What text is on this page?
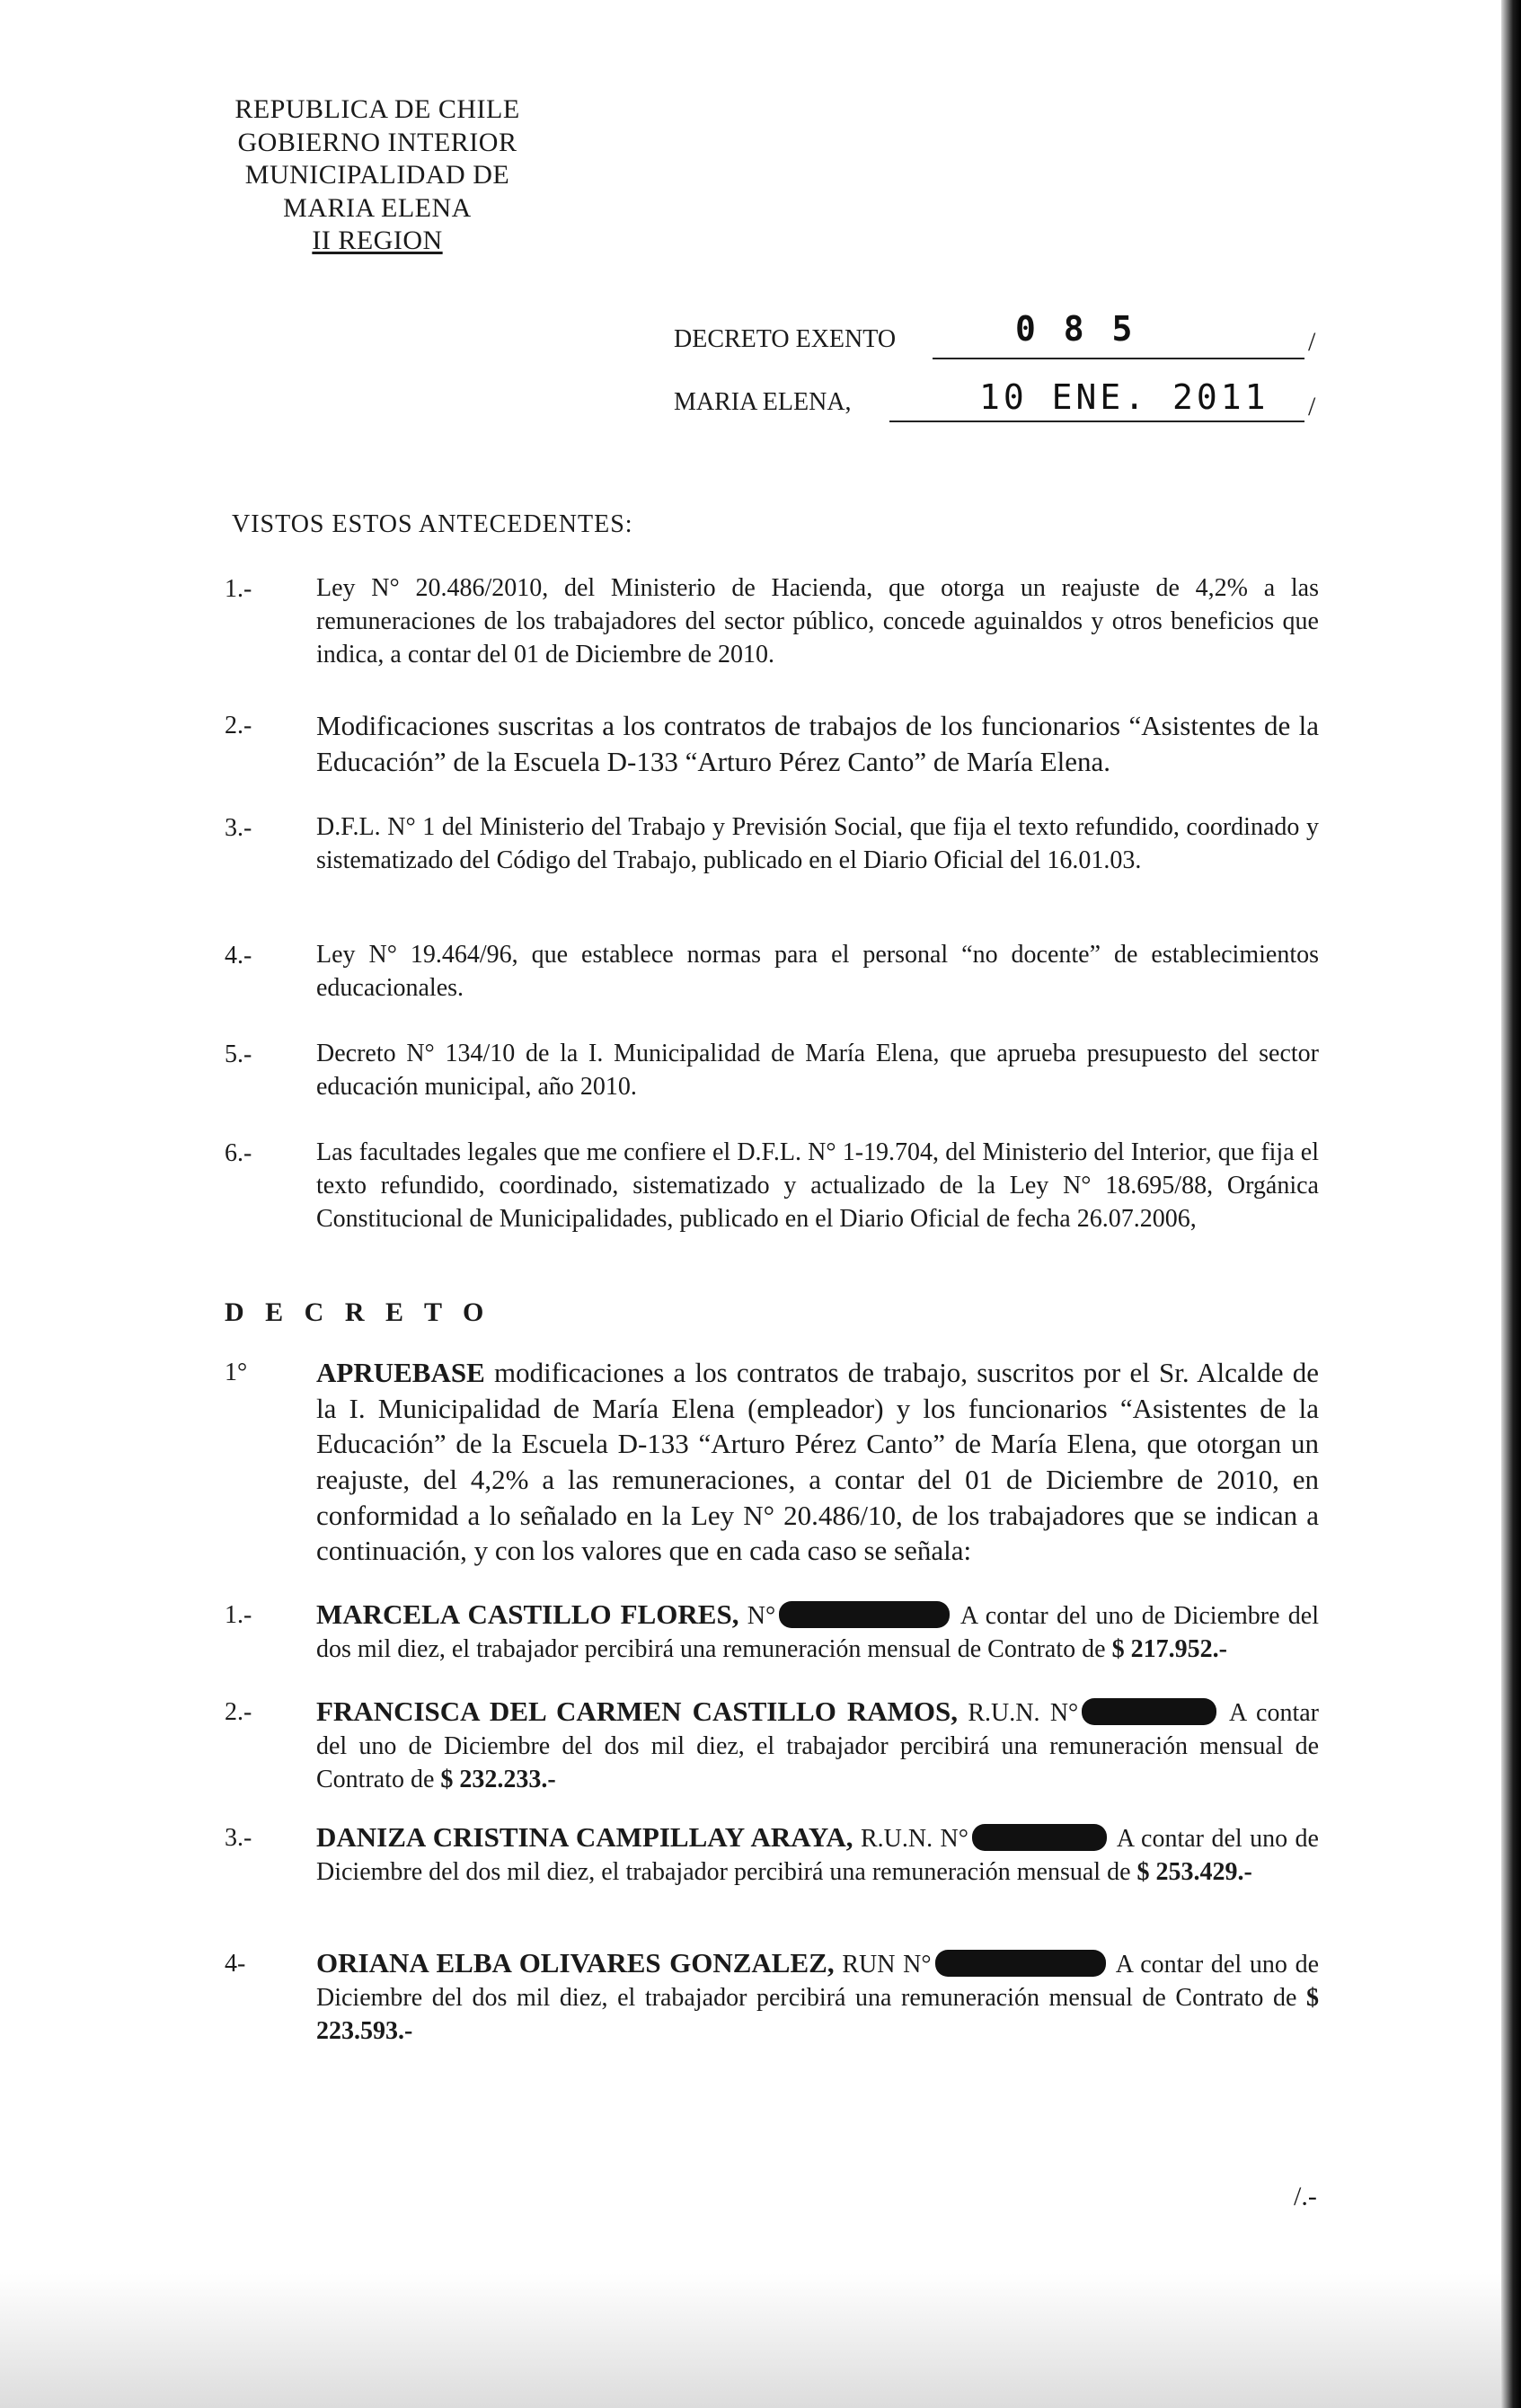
REPUBLICA DE CHILE
GOBIERNO INTERIOR
MUNICIPALIDAD DE
MARIA ELENA
II REGION
DECRETO EXENTO	0 8 5	/
MARIA ELENA,	10 ENE. 2011 /
VISTOS ESTOS ANTECEDENTES:
1.-	Ley N° 20.486/2010, del Ministerio de Hacienda, que otorga un reajuste de 4,2% a las remuneraciones de los trabajadores del sector público, concede aguinaldos y otros beneficios que indica, a contar del 01 de Diciembre de 2010.
2.- Modificaciones suscritas a los contratos de trabajos de los funcionarios “Asistentes de la Educación” de la Escuela D-133 “Arturo Pérez Canto” de María Elena.
3.-	D.F.L. N° 1 del Ministerio del Trabajo y Previsión Social, que fija el texto refundido, coordinado y sistematizado del Código del Trabajo, publicado en el Diario Oficial del 16.01.03.
4.-	Ley N° 19.464/96, que establece normas para el personal “no docente” de establecimientos educacionales.
5.-	Decreto N° 134/10 de la I. Municipalidad de María Elena, que aprueba presupuesto del sector educación municipal, año 2010.
6.-	Las facultades legales que me confiere el D.F.L. N° 1-19.704, del Ministerio del Interior, que fija el texto refundido, coordinado, sistematizado y actualizado de la Ley N° 18.695/88, Orgánica Constitucional de Municipalidades, publicado en el Diario Oficial de fecha 26.07.2006,
D E C R E T O
1° APRUEBASE modificaciones a los contratos de trabajo, suscritos por el Sr. Alcalde de la I. Municipalidad de María Elena (empleador) y los funcionarios “Asistentes de la Educación” de la Escuela D-133 “Arturo Pérez Canto” de María Elena, que otorgan un reajuste, del 4,2% a las remuneraciones, a contar del 01 de Diciembre de 2010, en conformidad a lo señalado en la Ley N° 20.486/10, de los trabajadores que se indican a continuación, y con los valores que en cada caso se señala:
1.- MARCELA CASTILLO FLORES, N°	A contar del uno de Diciembre del dos mil diez, el trabajador percibirá una remuneración mensual de Contrato de $ 217.952.-
2.- FRANCISCA DEL CARMEN CASTILLO RAMOS, R.U.N. N°	A contar del uno de Diciembre del dos mil diez, el trabajador percibirá una remuneración mensual de Contrato de $ 232.233.-
3.- DANIZA CRISTINA CAMPILLAY ARAYA, R.U.N. N°	A contar del uno de Diciembre del dos mil diez, el trabajador percibirá una remuneración mensual de $ 253.429.-
4-	ORIANA ELBA OLIVARES GONZALEZ, RUN N°	A contar del uno de Diciembre del dos mil diez, el trabajador percibirá una remuneración mensual de Contrato de $ 223.593.-
/.-
